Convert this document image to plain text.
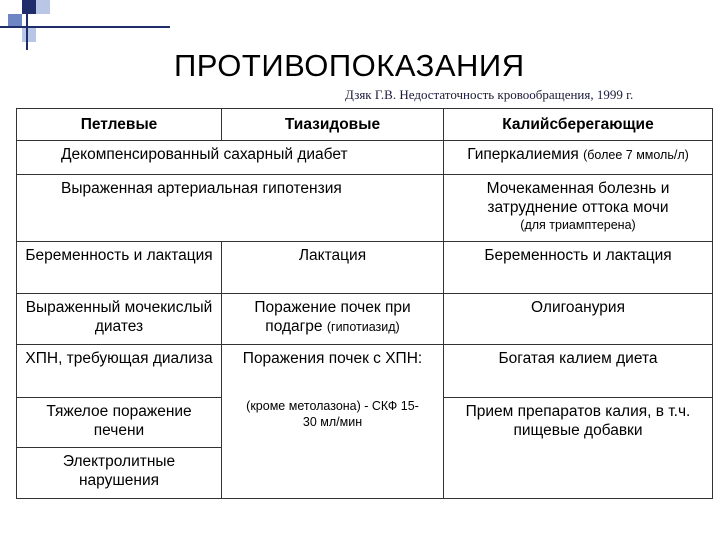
ПРОТИВОПОКАЗАНИЯ
Дзяк Г.В. Недостаточность кровообращения, 1999 г.
Петлевые	Тиазидовые	Калийсберегающие
Декомпенсированный сахарный диабет		Гиперкалиемия (более 7 ммоль/л)
Выраженная артериальная гипотензия		Мочекаменная болезнь и затруднение оттока мочи
(для триамптерена)

Беременность и лактация	Лактация	Беременность и лактация
Выраженный мочекислый диатез	Поражение почек при подагре (гипотиазид)	Олигоанурия
ХПН, требующая диализа	Поражения почек с ХПН:	Богатая калием диета
Тяжелое поражение печени	(кроме метолазона) - СКФ 15-30 мл/мин	Прием препаратов калия, в т.ч. пищевые добавки
Электролитные нарушения		
